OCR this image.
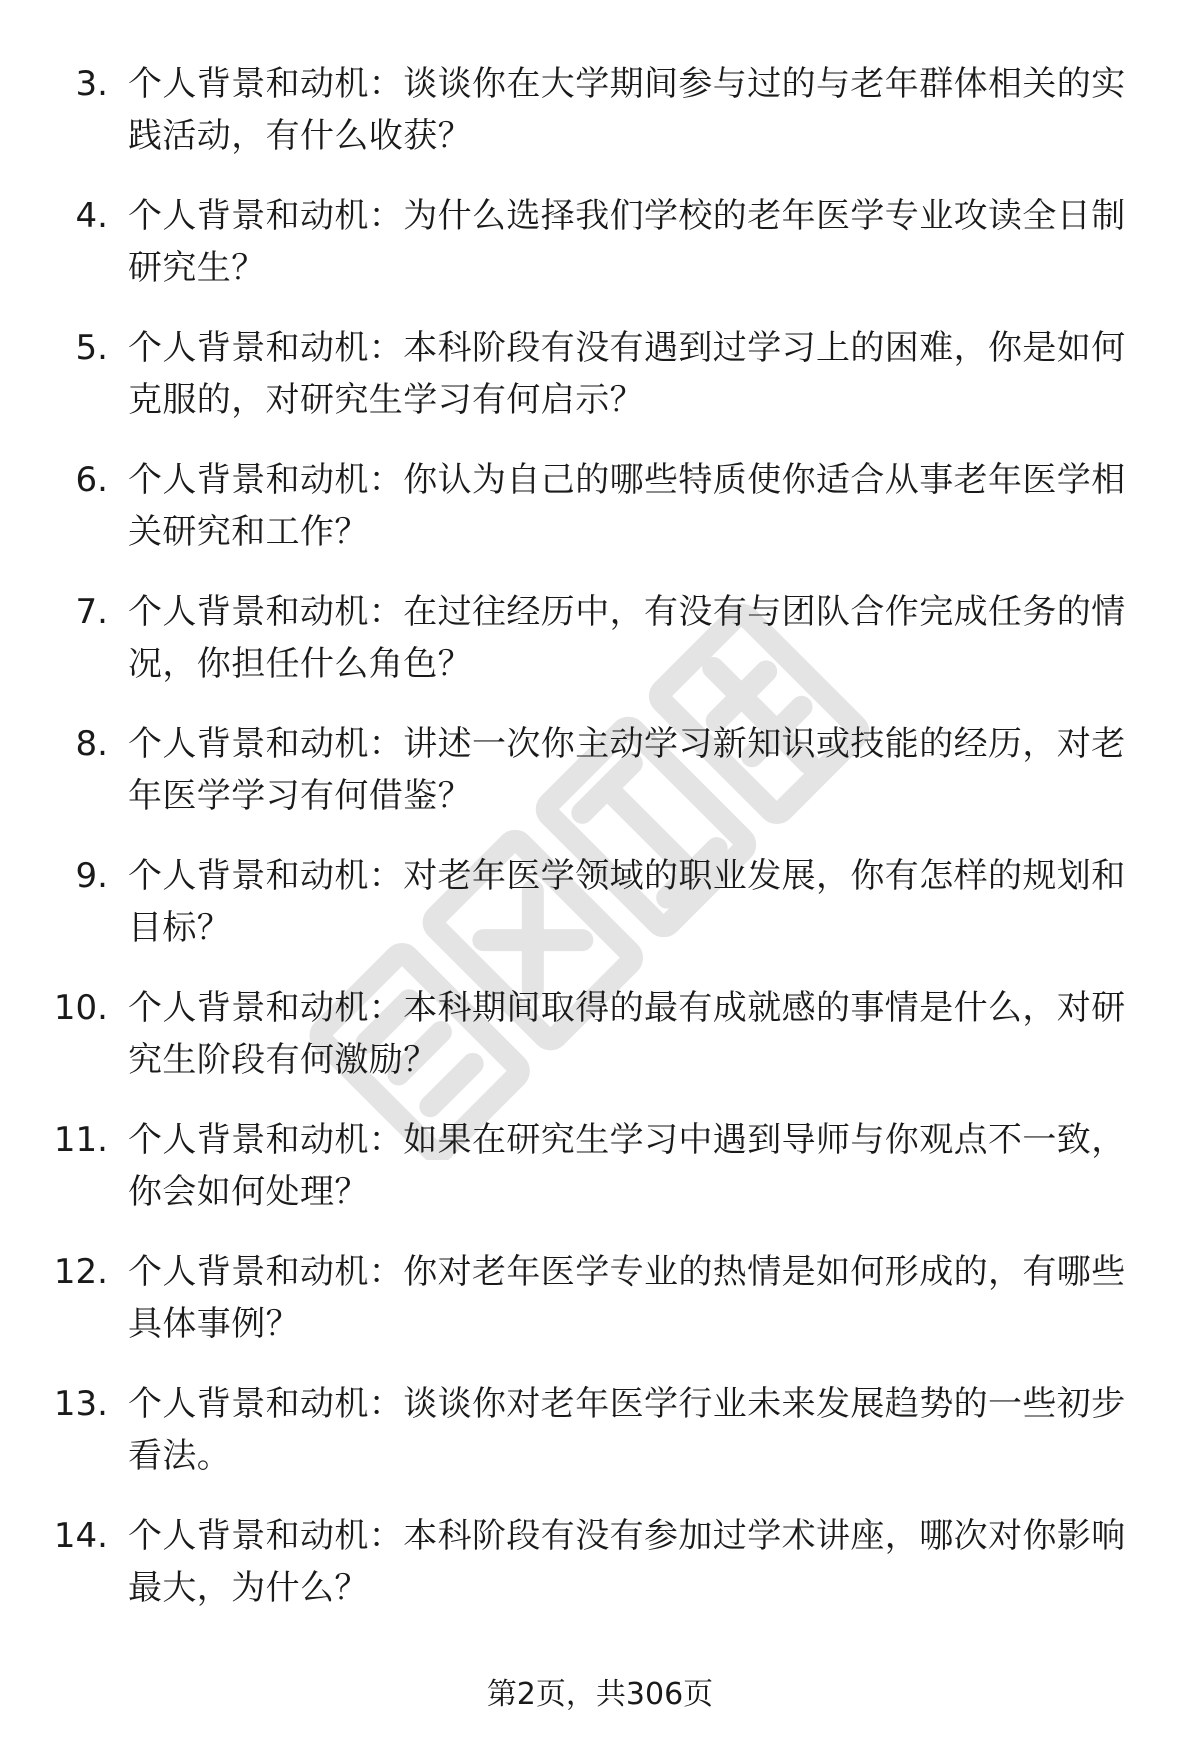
3. 个人背景和动机：谈谈你在大学期间参与过的与老年群体相关的实践活动，有什么收获？
4. 个人背景和动机：为什么选择我们学校的老年医学专业攻读全日制研究生？
5. 个人背景和动机：本科阶段有没有遇到过学习上的困难，你是如何克服的，对研究生学习有何启示？
6. 个人背景和动机：你认为自己的哪些特质使你适合从事老年医学相关研究和工作？
7. 个人背景和动机：在过往经历中，有没有与团队合作完成任务的情况，你担任什么角色？
8. 个人背景和动机：讲述一次你主动学习新知识或技能的经历，对老年医学学习有何借鉴？
9. 个人背景和动机：对老年医学领域的职业发展，你有怎样的规划和目标？
10. 个人背景和动机：本科期间取得的最有成就感的事情是什么，对研究生阶段有何激励？
11. 个人背景和动机：如果在研究生学习中遇到导师与你观点不一致，你会如何处理？
12. 个人背景和动机：你对老年医学专业的热情是如何形成的，有哪些具体事例？
13. 个人背景和动机：谈谈你对老年医学行业未来发展趋势的一些初步看法。
14. 个人背景和动机：本科阶段有没有参加过学术讲座，哪次对你影响最大，为什么？
第2页，共306页
